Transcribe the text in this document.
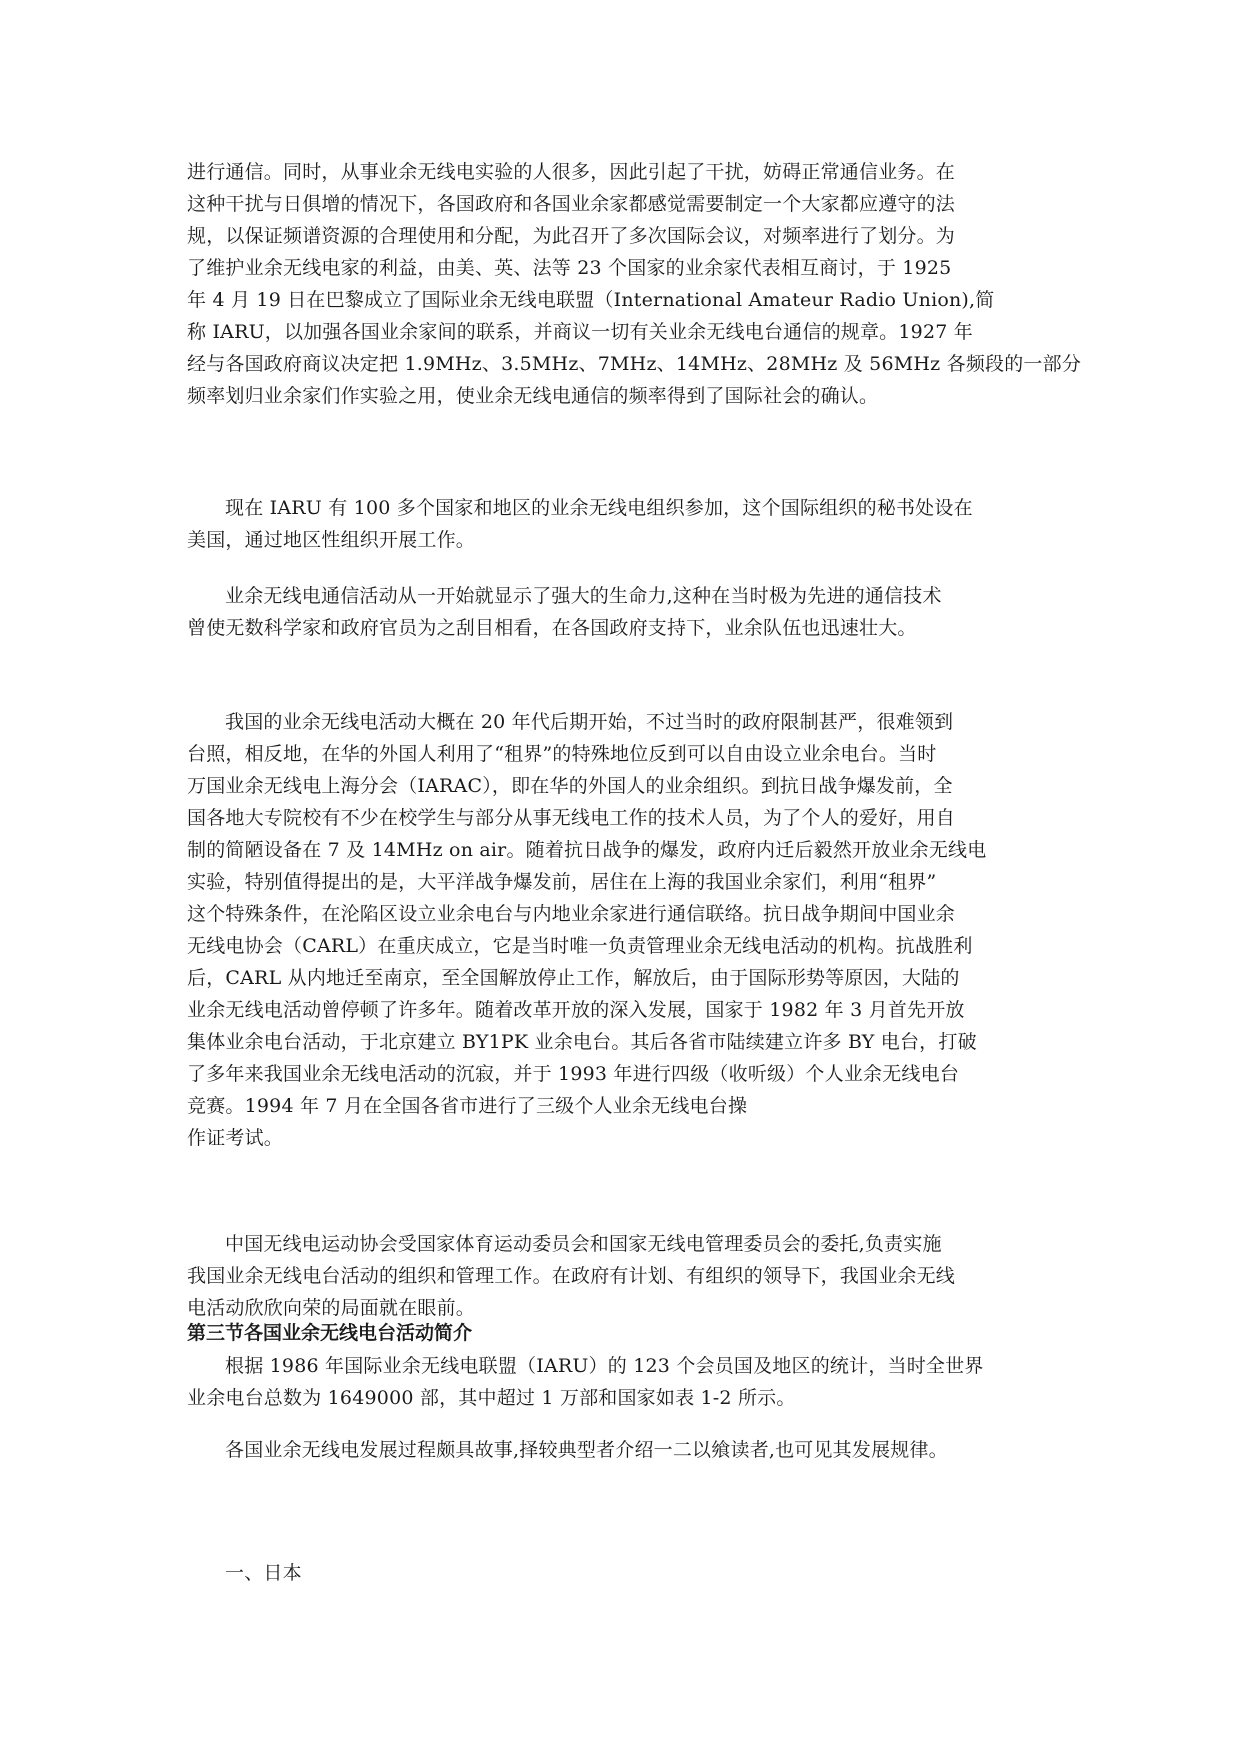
进行通信。同时，从事业余无线电实验的人很多，因此引起了干扰，妨碍正常通信业务。在
这种干扰与日俱增的情况下，各国政府和各国业余家都感觉需要制定一个大家都应遵守的法
规，以保证频谱资源的合理使用和分配，为此召开了多次国际会议，对频率进行了划分。为
了维护业余无线电家的利益，由美、英、法等 23 个国家的业余家代表相互商讨，于 1925
年 4 月 19 日在巴黎成立了国际业余无线电联盟（International Amateur Radio Union),简
称 IARU，以加强各国业余家间的联系，并商议一切有关业余无线电台通信的规章。1927 年
经与各国政府商议决定把 1.9MHz、3.5MHz、7MHz、14MHz、28MHz 及 56MHz 各频段的一部分
频率划归业余家们作实验之用，使业余无线电通信的频率得到了国际社会的确认。

现在 IARU 有 100 多个国家和地区的业余无线电组织参加，这个国际组织的秘书处设在
美国，通过地区性组织开展工作。

业余无线电通信活动从一开始就显示了强大的生命力,这种在当时极为先进的通信技术
曾使无数科学家和政府官员为之刮目相看，在各国政府支持下，业余队伍也迅速壮大。

我国的业余无线电活动大概在 20 年代后期开始，不过当时的政府限制甚严，很难领到
台照，相反地，在华的外国人利用了“租界”的特殊地位反到可以自由设立业余电台。当时
万国业余无线电上海分会（IARAC），即在华的外国人的业余组织。到抗日战争爆发前，全
国各地大专院校有不少在校学生与部分从事无线电工作的技术人员，为了个人的爱好，用自
制的简陋设备在 7 及 14MHz on air。随着抗日战争的爆发，政府内迁后毅然开放业余无线电
实验，特别值得提出的是，大平洋战争爆发前，居住在上海的我国业余家们，利用“租界”
这个特殊条件，在沦陷区设立业余电台与内地业余家进行通信联络。抗日战争期间中国业余
无线电协会（CARL）在重庆成立，它是当时唯一负责管理业余无线电活动的机构。抗战胜利
后，CARL 从内地迁至南京，至全国解放停止工作，解放后，由于国际形势等原因，大陆的
业余无线电活动曾停顿了许多年。随着改革开放的深入发展，国家于 1982 年 3 月首先开放
集体业余电台活动，于北京建立 BY1PK 业余电台。其后各省市陆续建立许多 BY 电台，打破
了多年来我国业余无线电活动的沉寂，并于 1993 年进行四级（收听级）个人业余无线电台
竞赛。1994 年 7 月在全国各省市进行了三级个人业余无线电台操
作证考试。

中国无线电运动协会受国家体育运动委员会和国家无线电管理委员会的委托,负责实施
我国业余无线电台活动的组织和管理工作。在政府有计划、有组织的领导下，我国业余无线
电活动欣欣向荣的局面就在眼前。

第三节各国业余无线电台活动简介

根据 1986 年国际业余无线电联盟（IARU）的 123 个会员国及地区的统计，当时全世界
业余电台总数为 1649000 部，其中超过 1 万部和国家如表 1-2 所示。

各国业余无线电发展过程颇具故事,择较典型者介绍一二以飨读者,也可见其发展规律。

一、日本
